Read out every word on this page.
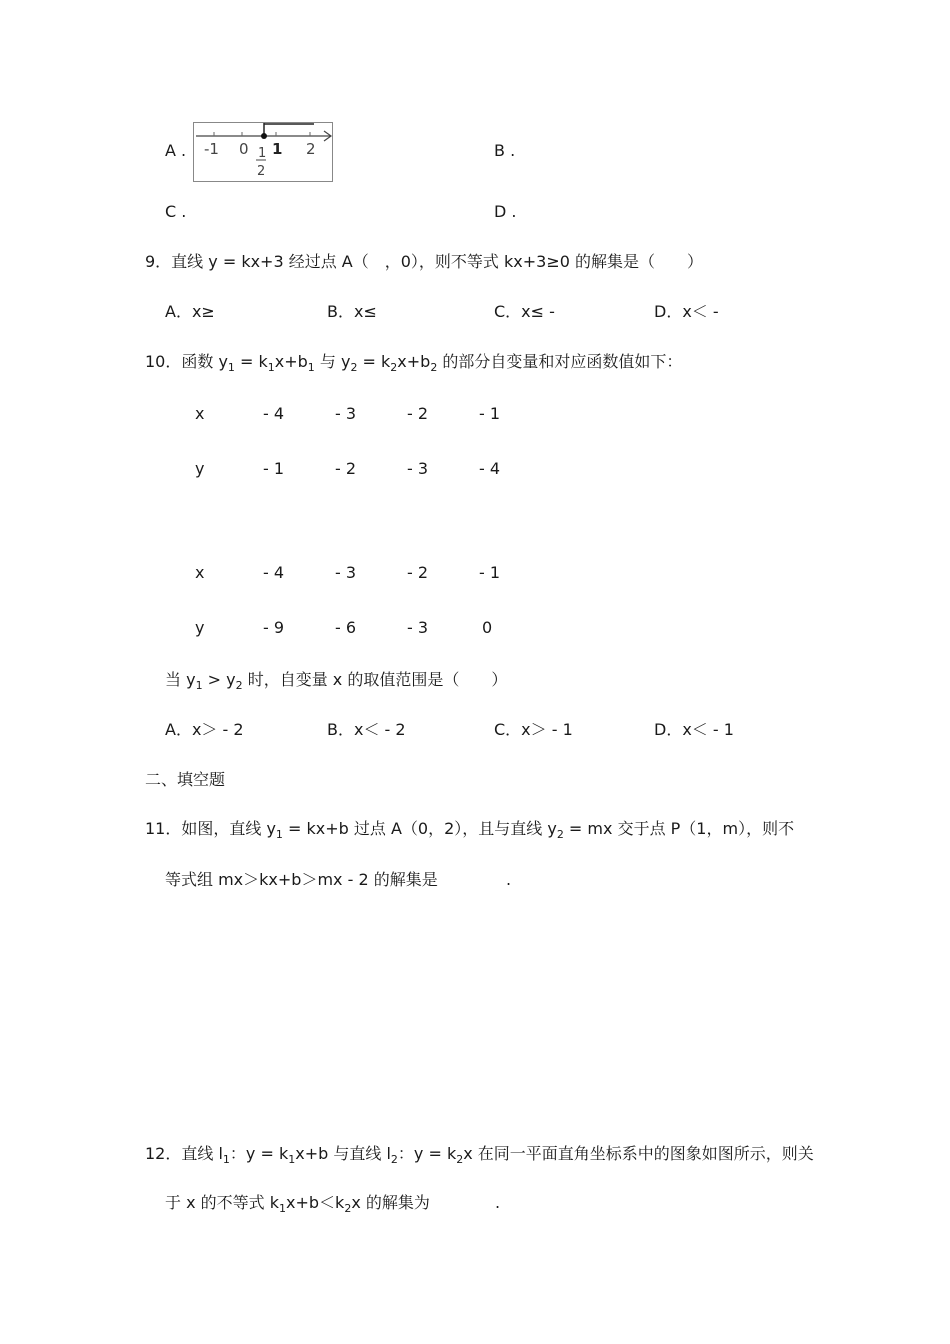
A . -1 0 1 2
1
2
B .
C .	D .
9．直线 y = kx+3 经过点 A（　，0），则不等式 kx+3≥0 的解集是（　　）
A．x≥	B．x≤	C．x≤ -	D．x＜ -
10．函数 $y_1 = k_1x+b_1$ 与 $y_2 = k_2x+b_2$ 的部分自变量和对应函数值如下：
x	- 4	- 3	- 2	- 1
y	- 1	- 2	- 3	- 4
x	- 4	- 3	- 2	- 1
y	- 9	- 6	- 3	0
当 $y_1 > y_2$ 时，自变量 x 的取值范围是（　　）
A．x＞ - 2	B．x＜ - 2	C．x＞ - 1	D．x＜ - 1
二、填空题
11．如图，直线 $y_1 = kx+b$ 过点 A（0，2），且与直线 $y_2$ = mx 交于点 P（1，m），则不
等式组 mx＞kx+b＞mx - 2 的解集是	.
12．直线 $l_1$：$y = k_1x+b$ 与直线 $l_2$：$y = k_2x$ 在同一平面直角坐标系中的图象如图所示，则关
于 x 的不等式 $k_1x+b<k_2x$ 的解集为	.
